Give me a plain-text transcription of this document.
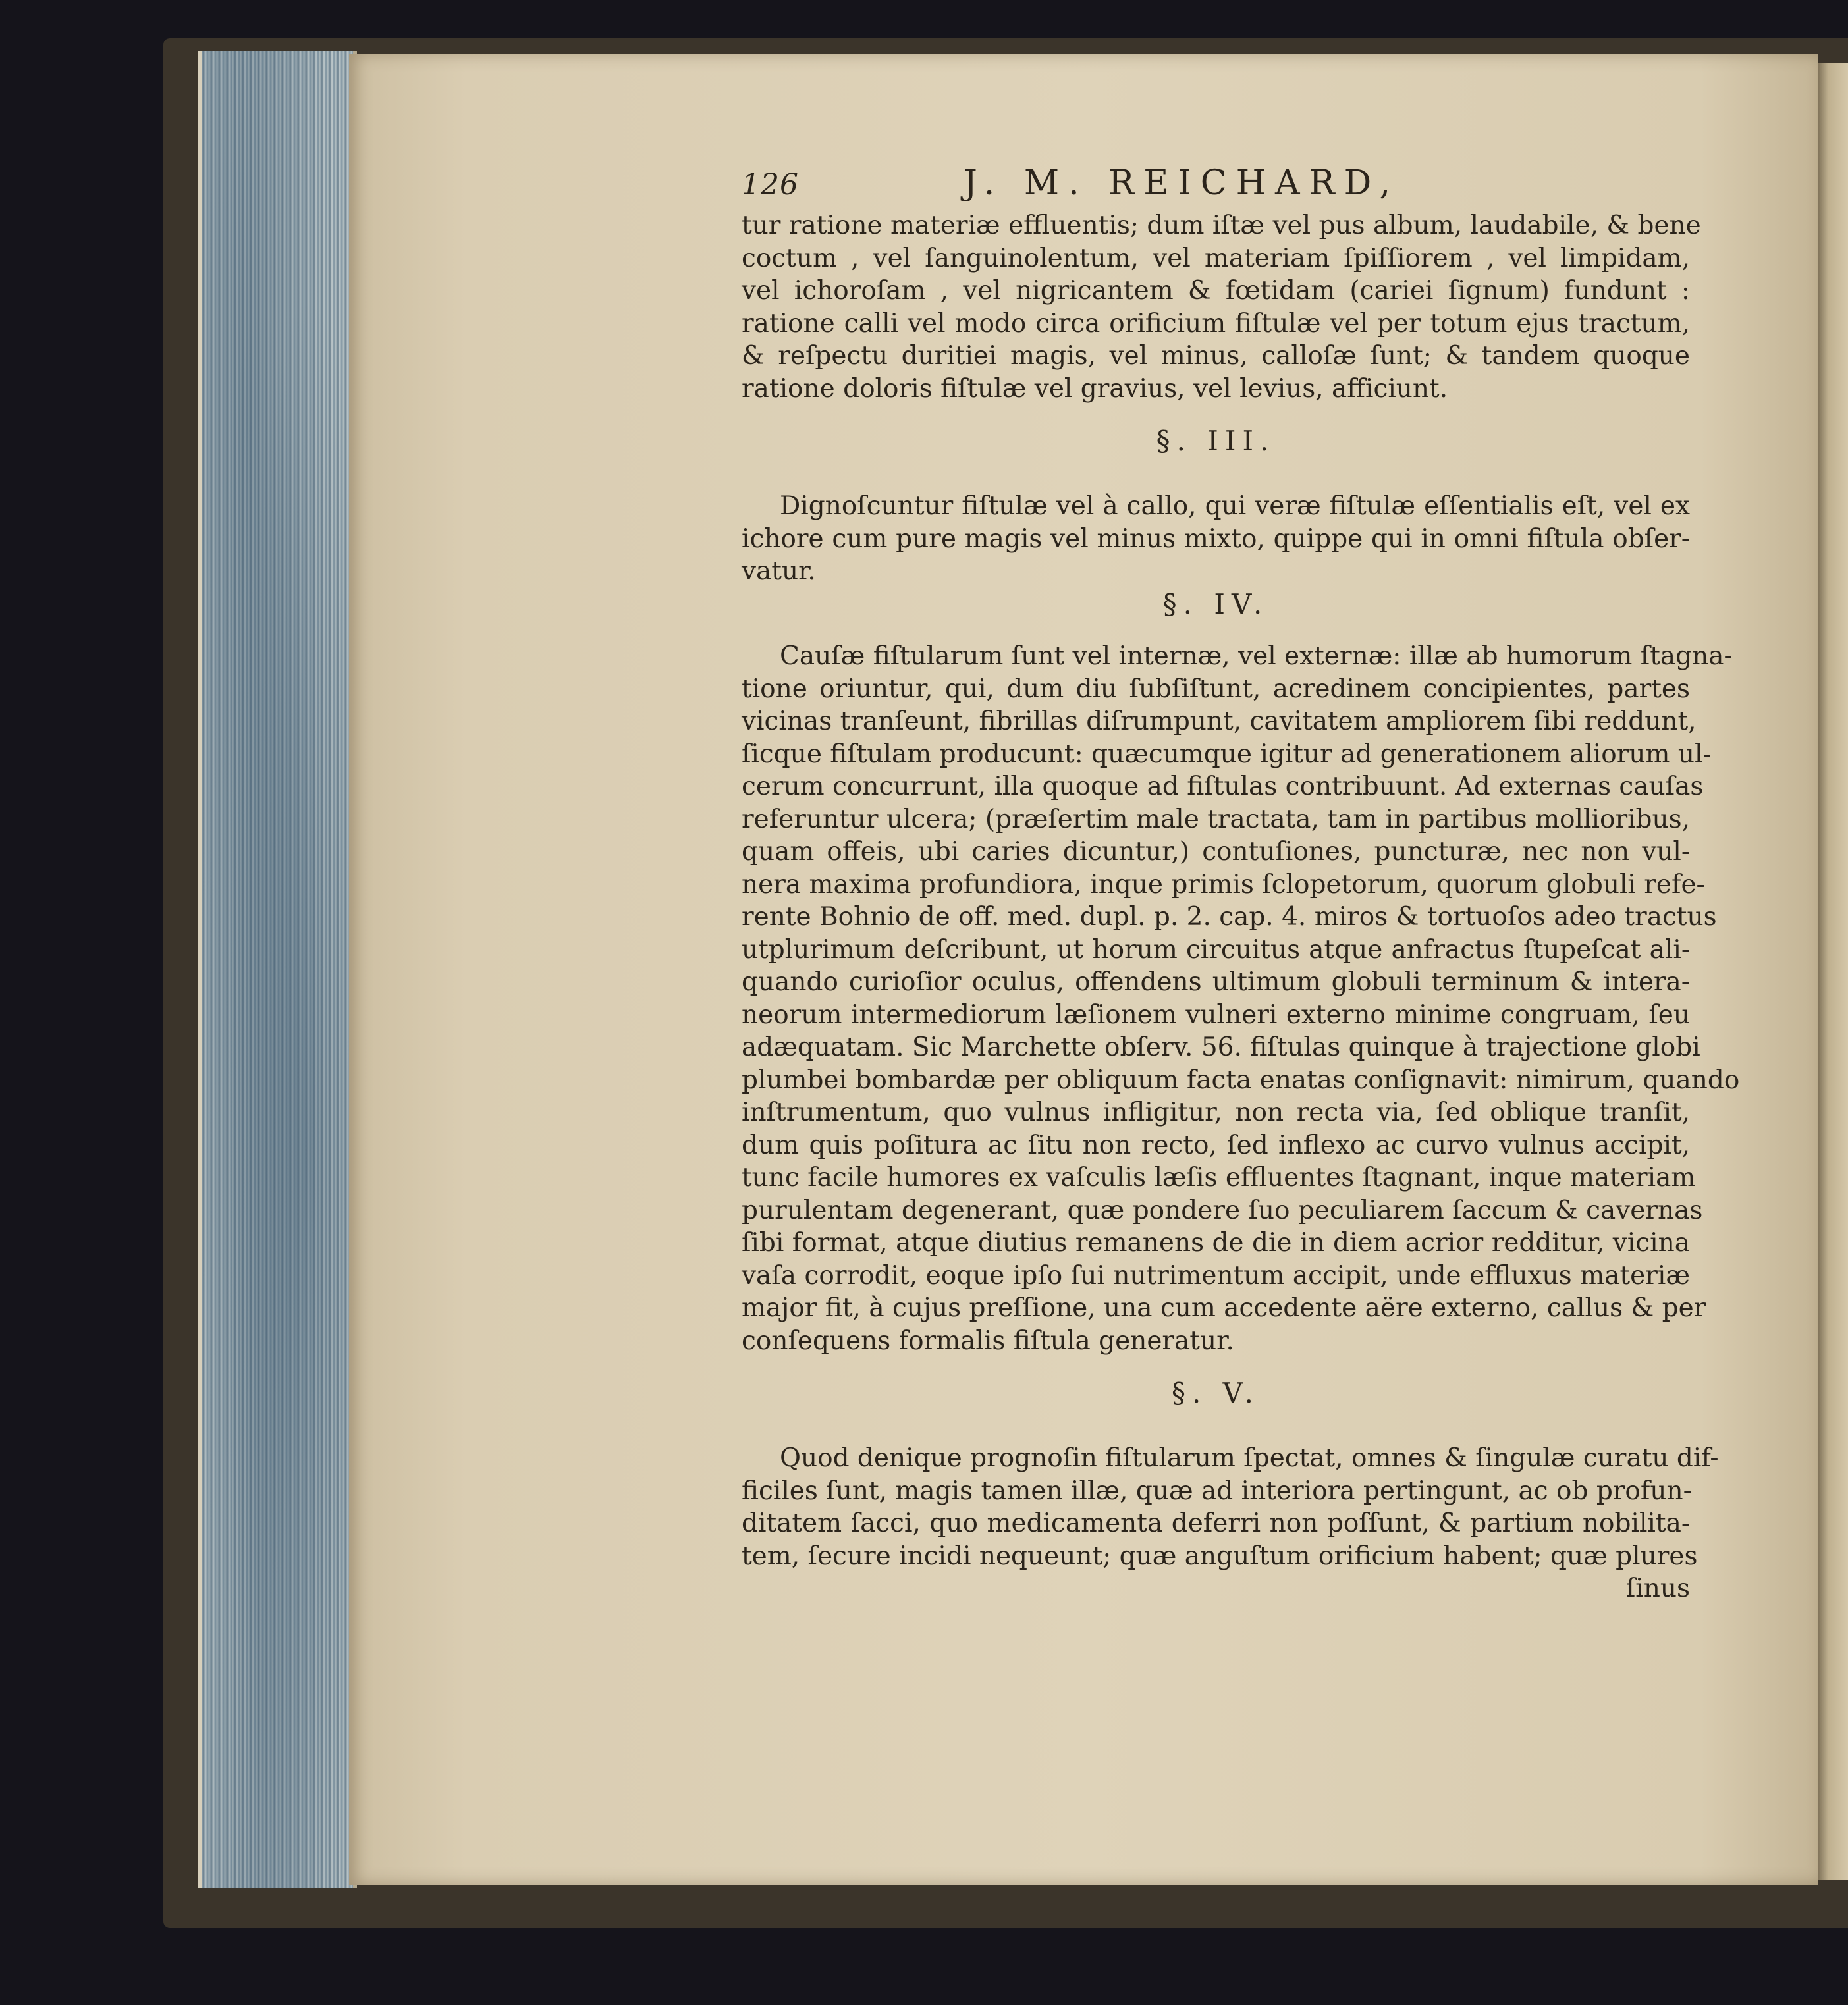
126	J. M. REICHARD,
tur ratione materiæ effluentis; dum iſtæ vel pus album, laudabile, & bene
coctum , vel ſanguinolentum, vel materiam ſpiſſiorem , vel limpidam,
vel ichoroſam , vel nigricantem & fœtidam (cariei ſignum) fundunt :
ratione calli vel modo circa orificium fiſtulæ vel per totum ejus tractum,
& reſpectu duritiei magis, vel minus, calloſæ ſunt; & tandem quoque
ratione doloris fiſtulæ vel gravius, vel levius, afficiunt.
§. III.
Dignoſcuntur fiſtulæ vel à callo, qui veræ fiſtulæ eſſentialis eſt, vel ex
ichore cum pure magis vel minus mixto, quippe qui in omni fiſtula obſer-
vatur.
§. IV.
Cauſæ fiſtularum ſunt vel internæ, vel externæ: illæ ab humorum ſtagna-
tione oriuntur, qui, dum diu ſubſiſtunt, acredinem concipientes, partes
vicinas tranſeunt, fibrillas diſrumpunt, cavitatem ampliorem ſibi reddunt,
ſicque fiſtulam producunt: quæcumque igitur ad generationem aliorum ul-
cerum concurrunt, illa quoque ad fiſtulas contribuunt. Ad externas cauſas
referuntur ulcera; (præſertim male tractata, tam in partibus mollioribus,
quam offeis, ubi caries dicuntur,) contuſiones, puncturæ, nec non vul-
nera maxima profundiora, inque primis ſclopetorum, quorum globuli refe-
rente Bohnio de off. med. dupl. p. 2. cap. 4. miros & tortuoſos adeo tractus
utplurimum deſcribunt, ut horum circuitus atque anfractus ſtupeſcat ali-
quando curioſior oculus, offendens ultimum globuli terminum & intera-
neorum intermediorum læſionem vulneri externo minime congruam, ſeu
adæquatam. Sic Marchette obſerv. 56. fiſtulas quinque à trajectione globi
plumbei bombardæ per obliquum facta enatas conſignavit: nimirum, quando
inſtrumentum, quo vulnus infligitur, non recta via, ſed oblique tranſit,
dum quis poſitura ac ſitu non recto, ſed inflexo ac curvo vulnus accipit,
tunc facile humores ex vaſculis læſis effluentes ſtagnant, inque materiam
purulentam degenerant, quæ pondere ſuo peculiarem ſaccum & cavernas
ſibi format, atque diutius remanens de die in diem acrior redditur, vicina
vaſa corrodit, eoque ipſo ſui nutrimentum accipit, unde effluxus materiæ
major fit, à cujus preſſione, una cum accedente aëre externo, callus & per
conſequens formalis fiſtula generatur.
§. V.
Quod denique prognoſin fiſtularum ſpectat, omnes & ſingulæ curatu dif-
ficiles ſunt, magis tamen illæ, quæ ad interiora pertingunt, ac ob profun-
ditatem ſacci, quo medicamenta deferri non poſſunt, & partium nobilita-
tem, ſecure incidi nequeunt; quæ anguſtum orificium habent; quæ plures
ſinus
